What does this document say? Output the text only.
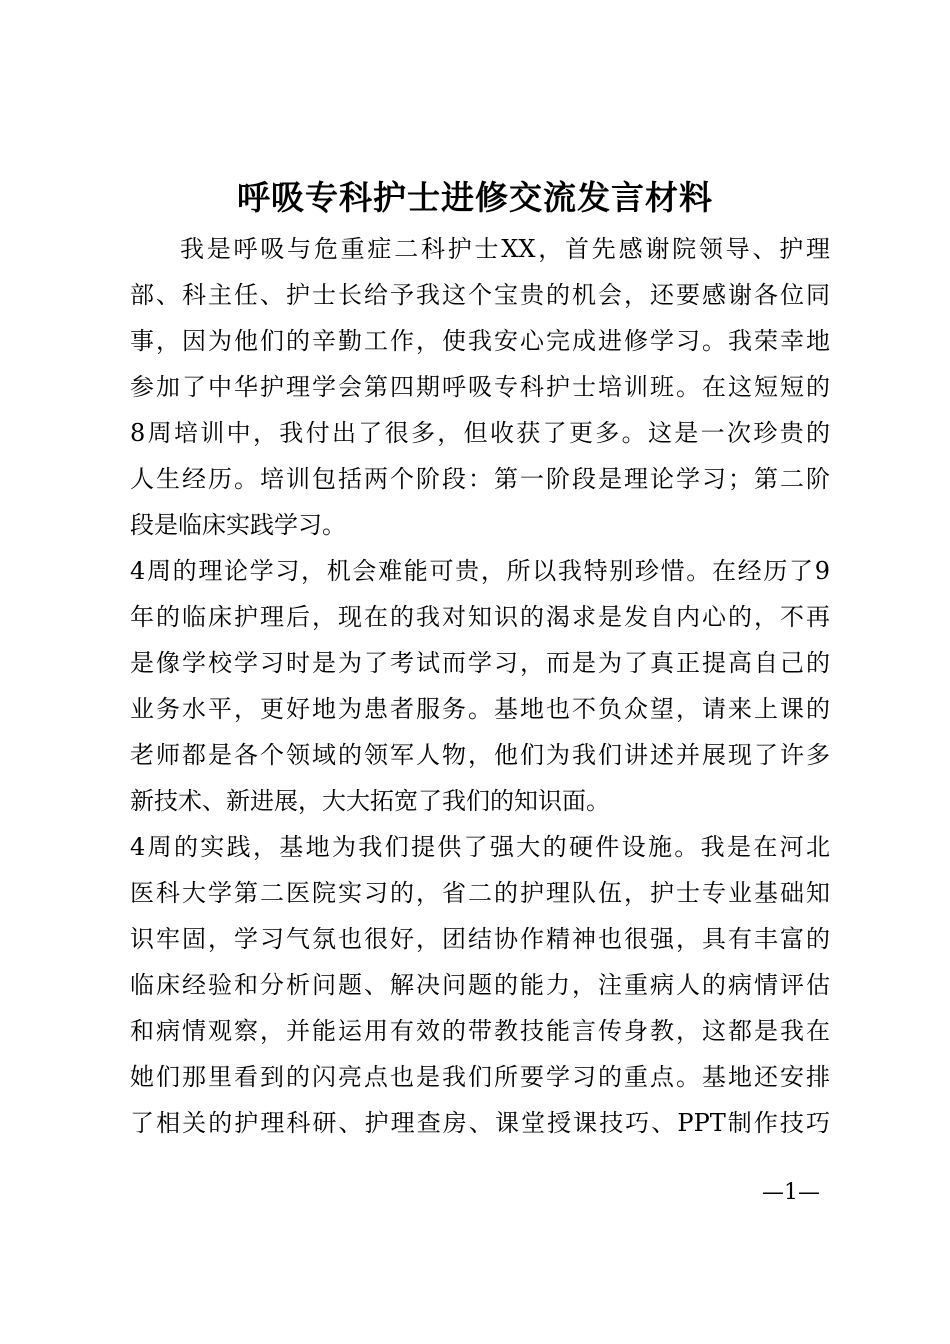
呼吸专科护士进修交流发言材料
我是呼吸与危重症二科护士XX，首先感谢院领导、护理
部、科主任、护士长给予我这个宝贵的机会，还要感谢各位同
事，因为他们的辛勤工作，使我安心完成进修学习。我荣幸地
参加了中华护理学会第四期呼吸专科护士培训班。在这短短的
8周培训中，我付出了很多，但收获了更多。这是一次珍贵的
人生经历。培训包括两个阶段：第一阶段是理论学习；第二阶
段是临床实践学习。
4周的理论学习，机会难能可贵，所以我特别珍惜。在经历了9
年的临床护理后，现在的我对知识的渴求是发自内心的，不再
是像学校学习时是为了考试而学习，而是为了真正提高自己的
业务水平，更好地为患者服务。基地也不负众望，请来上课的
老师都是各个领域的领军人物，他们为我们讲述并展现了许多
新技术、新进展，大大拓宽了我们的知识面。
4周的实践，基地为我们提供了强大的硬件设施。我是在河北
医科大学第二医院实习的，省二的护理队伍，护士专业基础知
识牢固，学习气氛也很好，团结协作精神也很强，具有丰富的
临床经验和分析问题、解决问题的能力，注重病人的病情评估
和病情观察，并能运用有效的带教技能言传身教，这都是我在
她们那里看到的闪亮点也是我们所要学习的重点。基地还安排
了相关的护理科研、护理查房、课堂授课技巧、PPT制作技巧
—1—
